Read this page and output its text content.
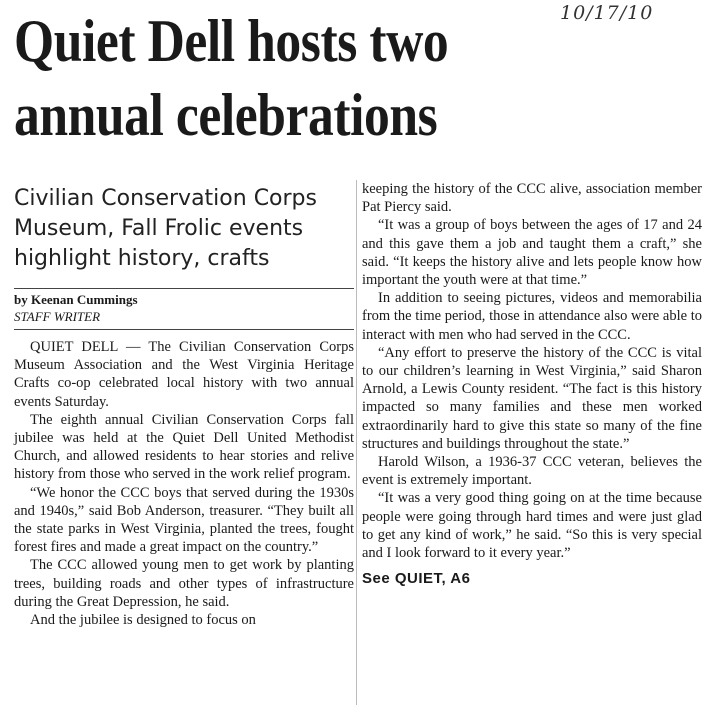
10/17/10
Quiet Dell hosts two
annual celebrations
Civilian Conservation Corps Museum, Fall Frolic events highlight history, crafts
by Keenan Cummings
STAFF WRITER

QUIET DELL — The Civilian Conservation Corps Museum Association and the West Virginia Heritage Crafts co-op celebrated local history with two annual events Saturday.

The eighth annual Civilian Conservation Corps fall jubilee was held at the Quiet Dell United Methodist Church, and allowed residents to hear stories and relive history from those who served in the work relief program.

“We honor the CCC boys that served during the 1930s and 1940s,” said Bob Anderson, treasurer. “They built all the state parks in West Virginia, planted the trees, fought forest fires and made a great impact on the country.”

The CCC allowed young men to get work by planting trees, building roads and other types of infrastructure during the Great Depression, he said.

And the jubilee is designed to focus on

keeping the history of the CCC alive, association member Pat Piercy said.

“It was a group of boys between the ages of 17 and 24 and this gave them a job and taught them a craft,” she said. “It keeps the history alive and lets people know how important the youth were at that time.”

In addition to seeing pictures, videos and memorabilia from the time period, those in attendance also were able to interact with men who had served in the CCC.

“Any effort to preserve the history of the CCC is vital to our children’s learning in West Virginia,” said Sharon Arnold, a Lewis County resident. “The fact is this history impacted so many families and these men worked extraordinarily hard to give this state so many of the fine structures and buildings throughout the state.”

Harold Wilson, a 1936-37 CCC veteran, believes the event is extremely important.

“It was a very good thing going on at the time because people were going through hard times and were just glad to get any kind of work,” he said. “So this is very special and I look forward to it every year.”

See QUIET, A6
